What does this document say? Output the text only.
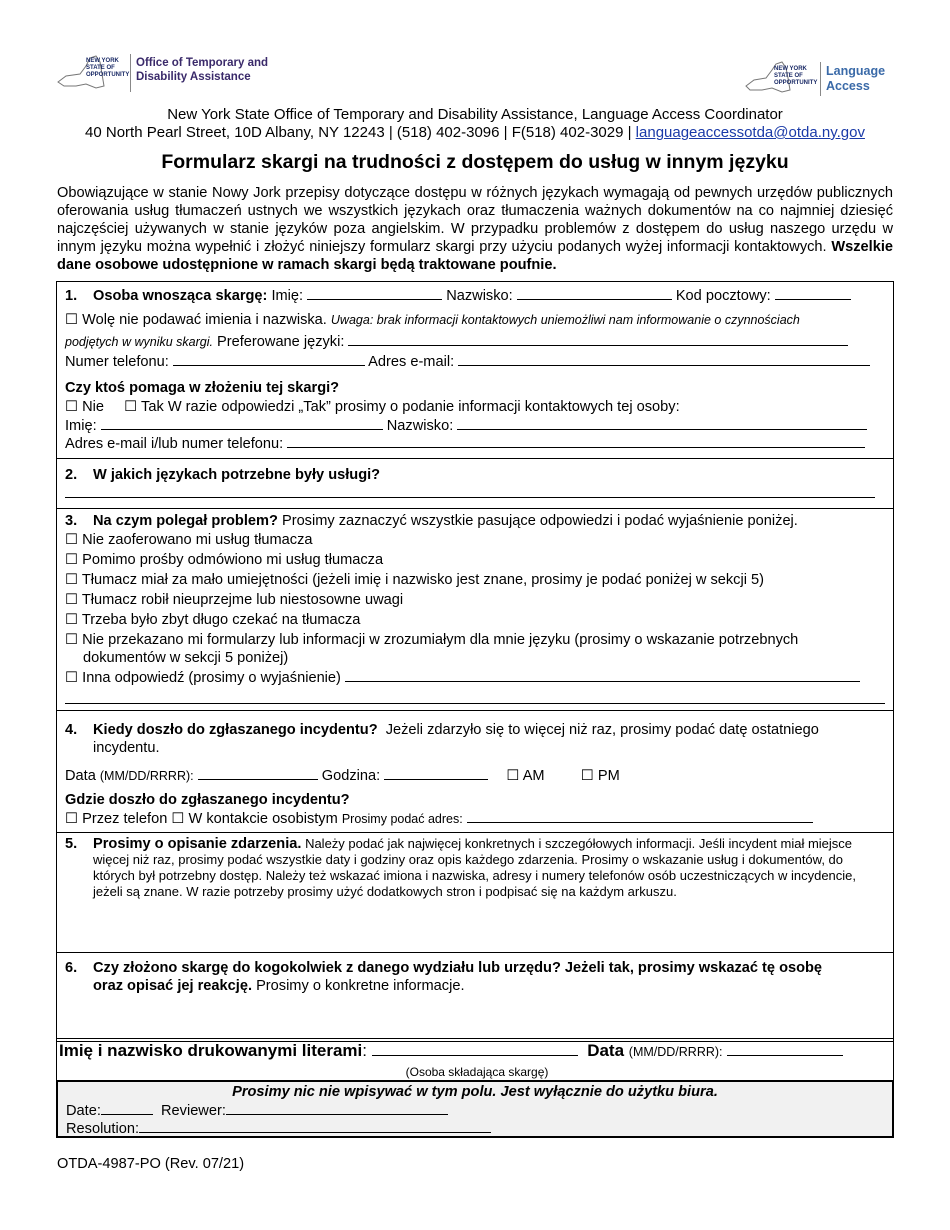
NEW YORK STATE OF OPPORTUNITY
Office of Temporary and Disability Assistance
NEW YORK STATE OF OPPORTUNITY
Language Access
New York State Office of Temporary and Disability Assistance, Language Access Coordinator
40 North Pearl Street, 10D Albany, NY 12243 | (518) 402-3096 | F(518) 402-3029 | languageaccessotda@otda.ny.gov
Formularz skargi na trudności z dostępem do usług w innym języku
Obowiązujące w stanie Nowy Jork przepisy dotyczące dostępu w różnych językach wymagają od pewnych urzędów publicznych oferowania usług tłumaczeń ustnych we wszystkich językach oraz tłumaczenia ważnych dokumentów na co najmniej dziesięć najczęściej używanych w stanie języków poza angielskim. W przypadku problemów z dostępem do usług naszego urzędu w innym języku można wypełnić i złożyć niniejszy formularz skargi przy użyciu podanych wyżej informacji kontaktowych. Wszelkie dane osobowe udostępnione w ramach skargi będą traktowane poufnie.
1. Osoba wnosząca skargę: Imię:	Nazwisko:	Kod pocztowy:
☐ Wolę nie podawać imienia i nazwiska. Uwaga: brak informacji kontaktowych uniemożliwi nam informowanie o czynnościach
podjętych w wyniku skargi. Preferowane języki:
Numer telefonu:	Adres e-mail:
Czy ktoś pomaga w złożeniu tej skargi?
☐ Nie ☐ Tak W razie odpowiedzi „Tak” prosimy o podanie informacji kontaktowych tej osoby:
Imię:	Nazwisko:
Adres e-mail i/lub numer telefonu:
2. W jakich językach potrzebne były usługi?
3. Na czym polegał problem? Prosimy zaznaczyć wszystkie pasujące odpowiedzi i podać wyjaśnienie poniżej.
☐ Nie zaoferowano mi usług tłumacza
☐ Pomimo prośby odmówiono mi usług tłumacza
☐ Tłumacz miał za mało umiejętności (jeżeli imię i nazwisko jest znane, prosimy je podać poniżej w sekcji 5)
☐ Tłumacz robił nieuprzejme lub niestosowne uwagi
☐ Trzeba było zbyt długo czekać na tłumacza
☐ Nie przekazano mi formularzy lub informacji w zrozumiałym dla mnie języku (prosimy o wskazanie potrzebnych
dokumentów w sekcji 5 poniżej)
☐ Inna odpowiedź (prosimy o wyjaśnienie)
4. Kiedy doszło do zgłaszanego incydentu? Jeżeli zdarzyło się to więcej niż raz, prosimy podać datę ostatniego
incydentu.
Data (MM/DD/RRRR):	Godzina:	☐ AM ☐ PM
Gdzie doszło do zgłaszanego incydentu?
☐ Przez telefon ☐ W kontakcie osobistym Prosimy podać adres:
5. Prosimy o opisanie zdarzenia. Należy podać jak najwięcej konkretnych i szczegółowych informacji. Jeśli incydent miał miejsce więcej niż raz, prosimy podać wszystkie daty i godziny oraz opis każdego zdarzenia. Prosimy o wskazanie usług i dokumentów, do których był potrzebny dostęp. Należy też wskazać imiona i nazwiska, adresy i numery telefonów osób uczestniczących w incydencie, jeżeli są znane. W razie potrzeby prosimy użyć dodatkowych stron i podpisać się na każdym arkuszu.
6. Czy złożono skargę do kogokolwiek z danego wydziału lub urzędu? Jeżeli tak, prosimy wskazać tę osobę
oraz opisać jej reakcję. Prosimy o konkretne informacje.
Imię i nazwisko drukowanymi literami:	Data (MM/DD/RRRR):
(Osoba składająca skargę)
Prosimy nic nie wpisywać w tym polu. Jest wyłącznie do użytku biura.
Date:	Reviewer:
Resolution:
OTDA-4987-PO (Rev. 07/21)
